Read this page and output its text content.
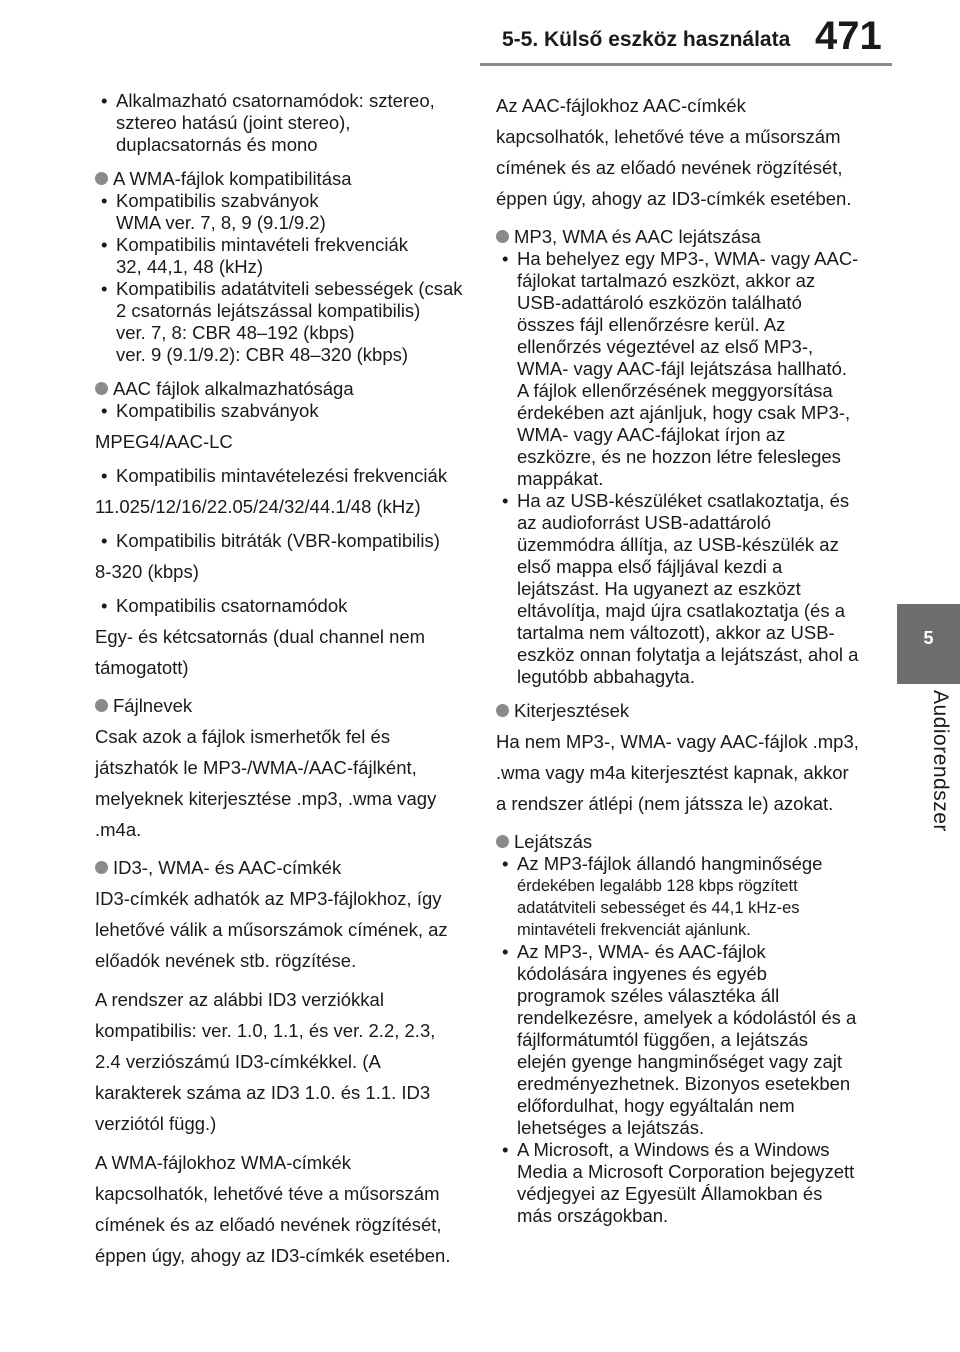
5-5. Külső eszköz használata 471
5
Audiorendszer
• Alkalmazható csatornamódok: sztereo, sztereo hatású (joint stereo), duplacsatornás és mono
A WMA-fájlok kompatibilitása
• Kompatibilis szabványok
WMA ver. 7, 8, 9 (9.1/9.2)
• Kompatibilis mintavételi frekvenciák
32, 44,1, 48 (kHz)
• Kompatibilis adatátviteli sebességek (csak 2 csatornás lejátszással kompatibilis)
ver. 7, 8: CBR 48–192 (kbps)
ver. 9 (9.1/9.2): CBR 48–320 (kbps)
AAC fájlok alkalmazhatósága
• Kompatibilis szabványok
MPEG4/AAC-LC
• Kompatibilis mintavételezési frekvenciák
11.025/12/16/22.05/24/32/44.1/48 (kHz)
• Kompatibilis bitráták (VBR-kompatibilis)
8-320 (kbps)
• Kompatibilis csatornamódok
Egy- és kétcsatornás (dual channel nem támogatott)
Fájlnevek
Csak azok a fájlok ismerhetők fel és játszhatók le MP3-/WMA-/AAC-fájlként, melyeknek kiterjesztése .mp3, .wma vagy .m4a.
ID3-, WMA- és AAC-címkék
ID3-címkék adhatók az MP3-fájlokhoz, így lehetővé válik a műsorszámok címének, az előadók nevének stb. rögzítése.
A rendszer az alábbi ID3 verziókkal kompatibilis: ver. 1.0, 1.1, és ver. 2.2, 2.3, 2.4 verziószámú ID3-címkékkel. (A karakterek száma az ID3 1.0. és 1.1. ID3 verziótól függ.)
A WMA-fájlokhoz WMA-címkék kapcsolhatók, lehetővé téve a műsorszám címének és az előadó nevének rögzítését, éppen úgy, ahogy az ID3-címkék esetében.
Az AAC-fájlokhoz AAC-címkék kapcsolhatók, lehetővé téve a műsorszám címének és az előadó nevének rögzítését, éppen úgy, ahogy az ID3-címkék esetében.
MP3, WMA és AAC lejátszása
• Ha behelyez egy MP3-, WMA- vagy AAC-fájlokat tartalmazó eszközt, akkor az USB-adattároló eszközön található összes fájl ellenőrzésre kerül. Az ellenőrzés végeztével az első MP3-, WMA- vagy AAC-fájl lejátszása hallható. A fájlok ellenőrzésének meggyorsítása érdekében azt ajánljuk, hogy csak MP3-, WMA- vagy AAC-fájlokat írjon az eszközre, és ne hozzon létre felesleges mappákat.
• Ha az USB-készüléket csatlakoztatja, és az audioforrást USB-adattároló üzemmódra állítja, az USB-készülék az első mappa első fájljával kezdi a lejátszást. Ha ugyanezt az eszközt eltávolítja, majd újra csatlakoztatja (és a tartalma nem változott), akkor az USB-eszköz onnan folytatja a lejátszást, ahol a legutóbb abbahagyta.
Kiterjesztések
Ha nem MP3-, WMA- vagy AAC-fájlok .mp3, .wma vagy m4a kiterjesztést kapnak, akkor a rendszer átlépi (nem játssza le) azokat.
Lejátszás
• Az MP3-fájlok állandó hangminősége
érdekében legalább 128 kbps rögzített adatátviteli sebességet és 44,1 kHz-es mintavételi frekvenciát ajánlunk.
• Az MP3-, WMA- és AAC-fájlok kódolására ingyenes és egyéb programok széles választéka áll rendelkezésre, amelyek a kódolástól és a fájlformátumtól függően, a lejátszás elején gyenge hangminőséget vagy zajt eredményezhetnek. Bizonyos esetekben előfordulhat, hogy egyáltalán nem lehetséges a lejátszás.
• A Microsoft, a Windows és a Windows Media a Microsoft Corporation bejegyzett védjegyei az Egyesült Államokban és más országokban.
